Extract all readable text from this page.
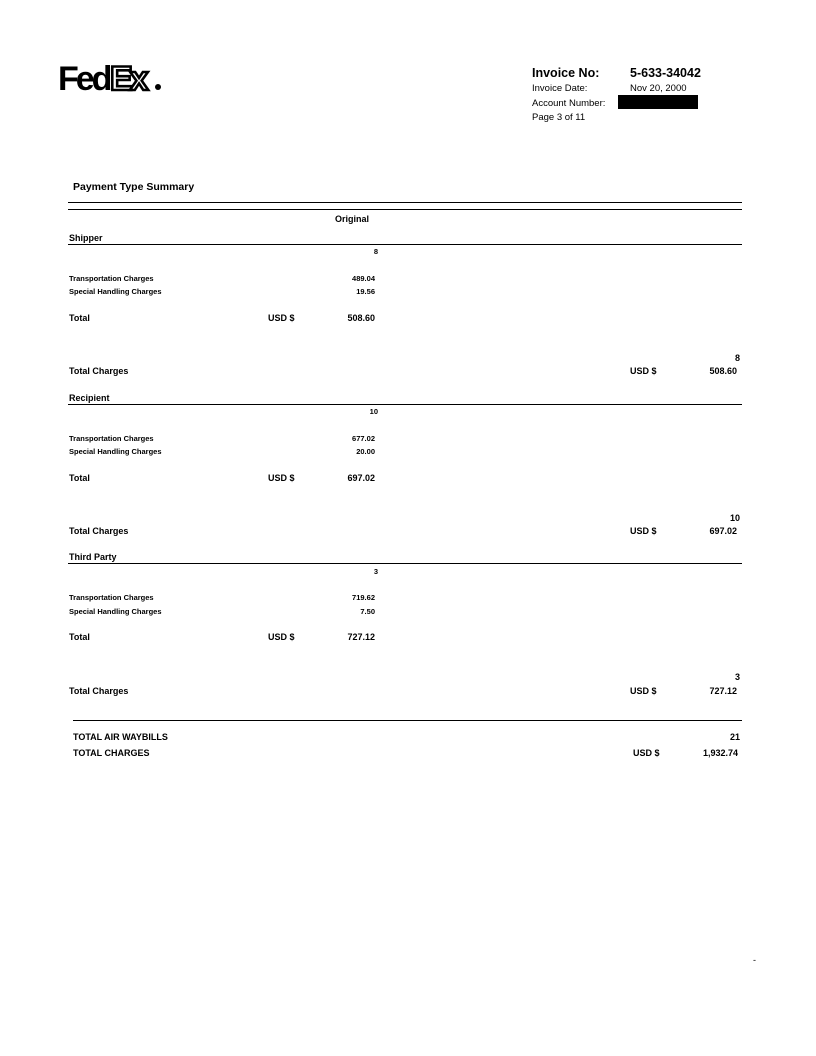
Fed Ex	Invoice No: 5-633-34042
Invoice Date:	Nov 20, 2000
Account Number:
Page 3 of 11
Payment Type Summary
Original
Shipper
8
Transportation Charges	489.04
Special Handling Charges	19.56
Total	USD $	508.60
8
Total Charges	USD $	508.60
Recipient
10
Transportation Charges	677.02
Special Handling Charges	20.00
Total	USD $	697.02
10
Total Charges	USD $	697.02
Third Party
3
Transportation Charges	719.62
Special Handling Charges	7.50
Total	USD $	727.12
3
Total Charges	USD $	727.12
TOTAL AIR WAYBILLS	21
TOTAL CHARGES	USD $	1,932.74
-
